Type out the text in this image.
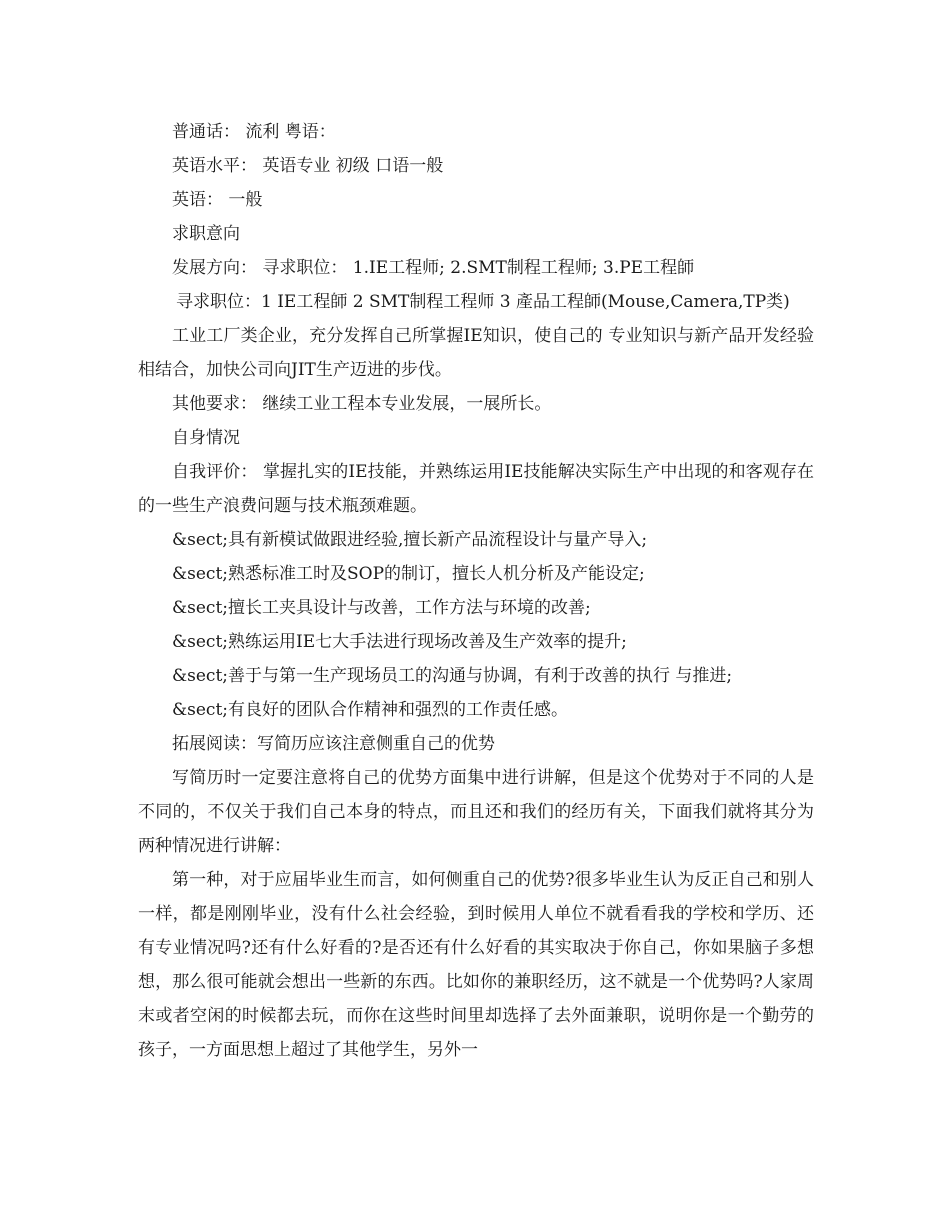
普通话： 流利 粤语：

英语水平： 英语专业 初级 口语一般

英语： 一般

求职意向

发展方向： 寻求职位： 1.IE工程师; 2.SMT制程工程师; 3.PE工程師

寻求职位：1 IE工程師 2 SMT制程工程师 3 產品工程師(Mouse,Camera,TP类)

工业工厂类企业，充分发挥自己所掌握IE知识，使自己的 专业知识与新产品开发经验相结合，加快公司向JIT生产迈进的步伐。

其他要求： 继续工业工程本专业发展，一展所长。

自身情况

自我评价： 掌握扎实的IE技能，并熟练运用IE技能解决实际生产中出现的和客观存在的一些生产浪费问题与技术瓶颈难题。

&sect;具有新模试做跟进经验,擅长新产品流程设计与量产导入;

&sect;熟悉标准工时及SOP的制订，擅长人机分析及产能设定;

&sect;擅长工夹具设计与改善，工作方法与环境的改善;

&sect;熟练运用IE七大手法进行现场改善及生产效率的提升;

&sect;善于与第一生产现场员工的沟通与协调，有利于改善的执行 与推进;

&sect;有良好的团队合作精神和强烈的工作责任感。

拓展阅读：写简历应该注意侧重自己的优势

写简历时一定要注意将自己的优势方面集中进行讲解，但是这个优势对于不同的人是不同的，不仅关于我们自己本身的特点，而且还和我们的经历有关，下面我们就将其分为两种情况进行讲解：

第一种，对于应届毕业生而言，如何侧重自己的优势?很多毕业生认为反正自己和别人一样，都是刚刚毕业，没有什么社会经验，到时候用人单位不就看看我的学校和学历、还有专业情况吗?还有什么好看的?是否还有什么好看的其实取决于你自己，你如果脑子多想想，那么很可能就会想出一些新的东西。比如你的兼职经历，这不就是一个优势吗?人家周末或者空闲的时候都去玩，而你在这些时间里却选择了去外面兼职，说明你是一个勤劳的孩子，一方面思想上超过了其他学生，另外一
